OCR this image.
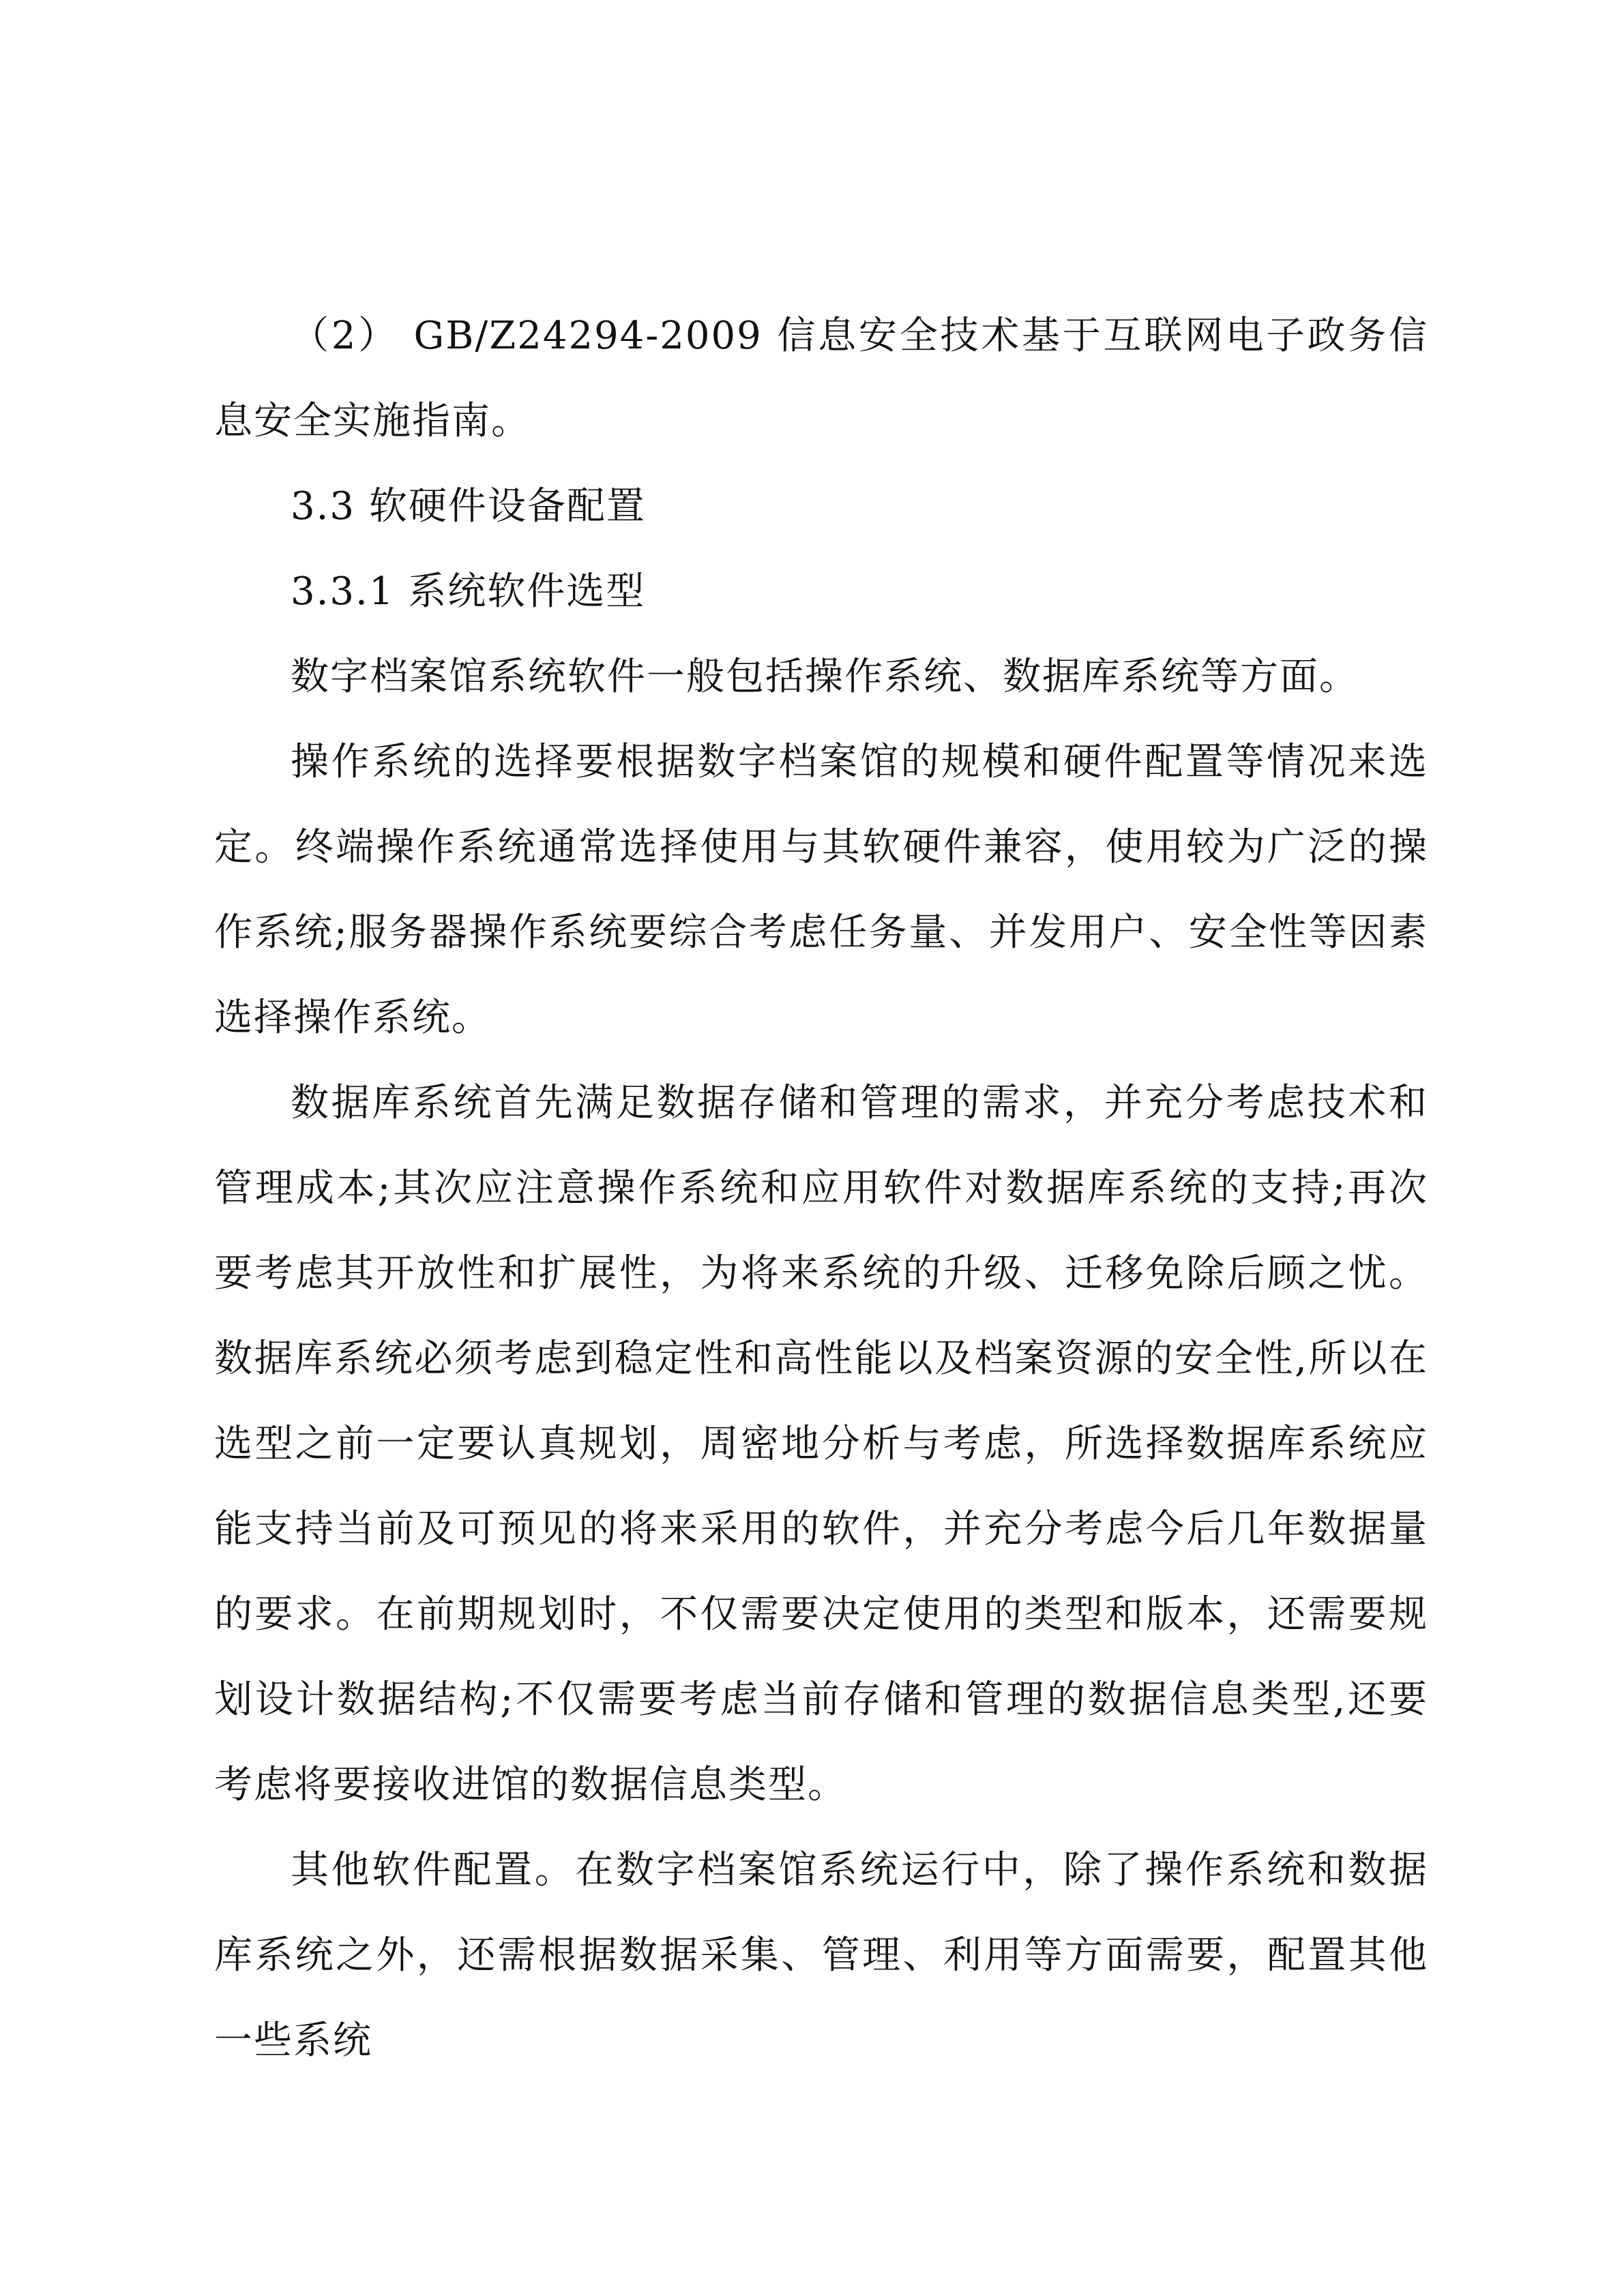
（2） GB/Z24294-2009 信息安全技术基于互联网电子政务信息安全实施指南。

3.3 软硬件设备配置

3.3.1 系统软件选型

数字档案馆系统软件一般包括操作系统、数据库系统等方面。

操作系统的选择要根据数字档案馆的规模和硬件配置等情况来选定。终端操作系统通常选择使用与其软硬件兼容，使用较为广泛的操作系统;服务器操作系统要综合考虑任务量、并发用户、安全性等因素选择操作系统。

数据库系统首先满足数据存储和管理的需求，并充分考虑技术和管理成本;其次应注意操作系统和应用软件对数据库系统的支持;再次要考虑其开放性和扩展性，为将来系统的升级、迁移免除后顾之忧。数据库系统必须考虑到稳定性和高性能以及档案资源的安全性,所以在选型之前一定要认真规划，周密地分析与考虑，所选择数据库系统应能支持当前及可预见的将来采用的软件，并充分考虑今后几年数据量的要求。在前期规划时，不仅需要决定使用的类型和版本，还需要规划设计数据结构;不仅需要考虑当前存储和管理的数据信息类型,还要考虑将要接收进馆的数据信息类型。

其他软件配置。在数字档案馆系统运行中，除了操作系统和数据库系统之外，还需根据数据采集、管理、利用等方面需要，配置其他一些系统
